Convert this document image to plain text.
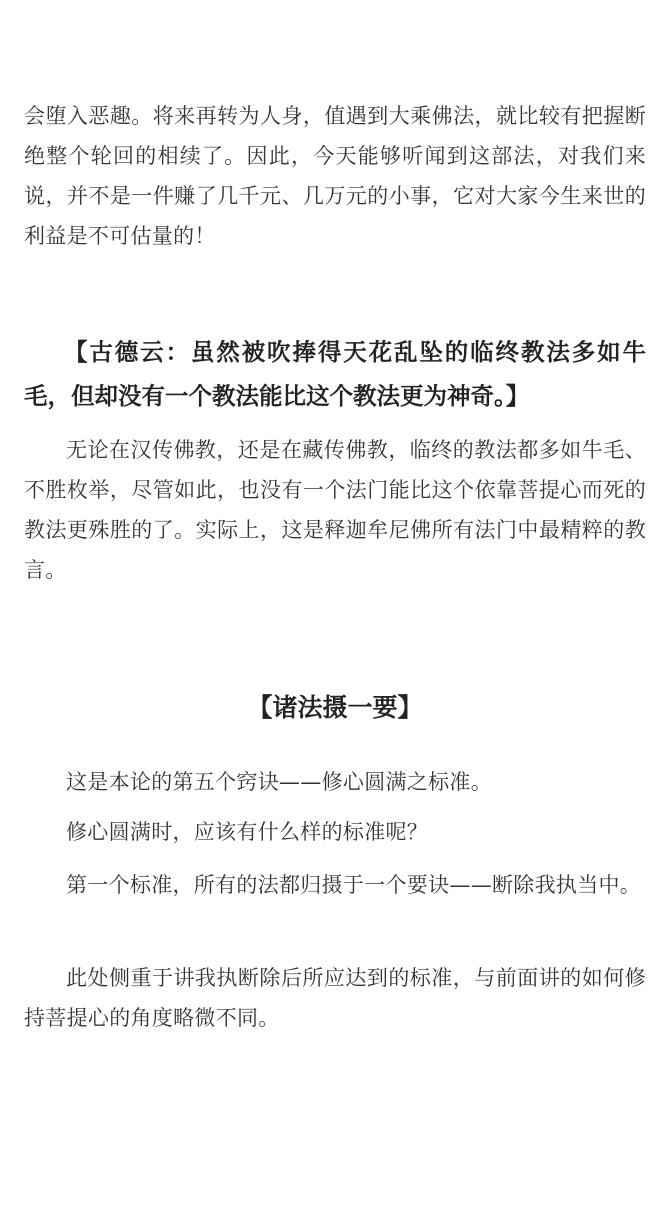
会堕入恶趣。将来再转为人身，值遇到大乘佛法，就比较有把握断绝整个轮回的相续了。因此，今天能够听闻到这部法，对我们来说，并不是一件赚了几千元、几万元的小事，它对大家今生来世的利益是不可估量的！

【古德云：虽然被吹捧得天花乱坠的临终教法多如牛毛，但却没有一个教法能比这个教法更为神奇。】

无论在汉传佛教，还是在藏传佛教，临终的教法都多如牛毛、不胜枚举，尽管如此，也没有一个法门能比这个依靠菩提心而死的教法更殊胜的了。实际上，这是释迦牟尼佛所有法门中最精粹的教言。

【诸法摄一要】

这是本论的第五个窍诀——修心圆满之标准。

修心圆满时，应该有什么样的标准呢？

第一个标准，所有的法都归摄于一个要诀——断除我执当中。

此处侧重于讲我执断除后所应达到的标准，与前面讲的如何修持菩提心的角度略微不同。
